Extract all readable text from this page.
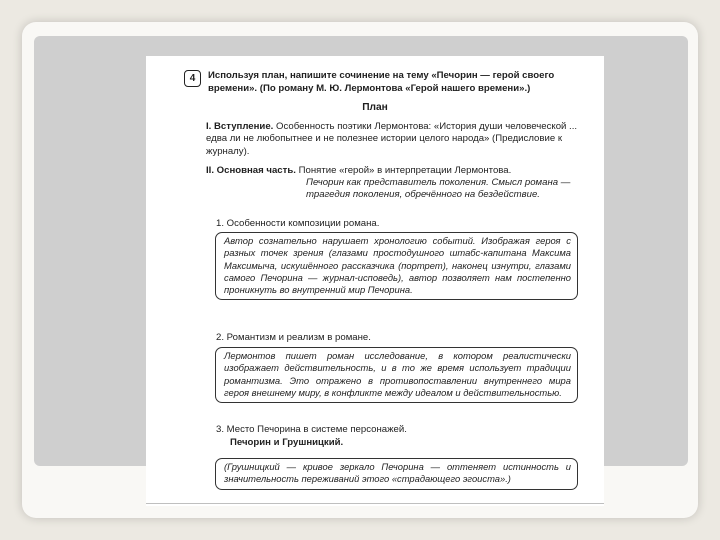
4	Используя план, напишите сочинение на тему «Печорин — герой своего времени». (По роману М. Ю. Лермонтова «Герой нашего времени».)
План
I. Вступление. Особенность поэтики Лермонтова: «История души человеческой ... едва ли не любопытнее и не полезнее истории целого народа» (Предисловие к журналу).
II. Основная часть. Понятие «герой» в интерпретации Лермонтова.
Печорин как представитель поколения. Смысл романа — трагедия поколения, обречённого на бездействие.
1. Особенности композиции романа.
Автор сознательно нарушает хронологию событий. Изображая героя с разных точек зрения (глазами простодушного штабс-капитана Максима Максимыча, искушённого рассказчика (портрет), наконец изнутри, глазами самого Печорина — журнал-исповедь), автор позволяет нам постепенно проникнуть во внутренний мир Печорина.
2. Романтизм и реализм в романе.
Лермонтов пишет роман исследование, в котором реалистически изображает действительность, и в то же время использует традиции романтизма. Это отражено в противопоставлении внутреннего мира героя внешнему миру, в конфликте между идеалом и действительностью.
3. Место Печорина в системе персонажей.
Печорин и Грушницкий.
(Грушницкий — кривое зеркало Печорина — оттеняет истинность и значительность переживаний этого «страдающего эгоиста».)
